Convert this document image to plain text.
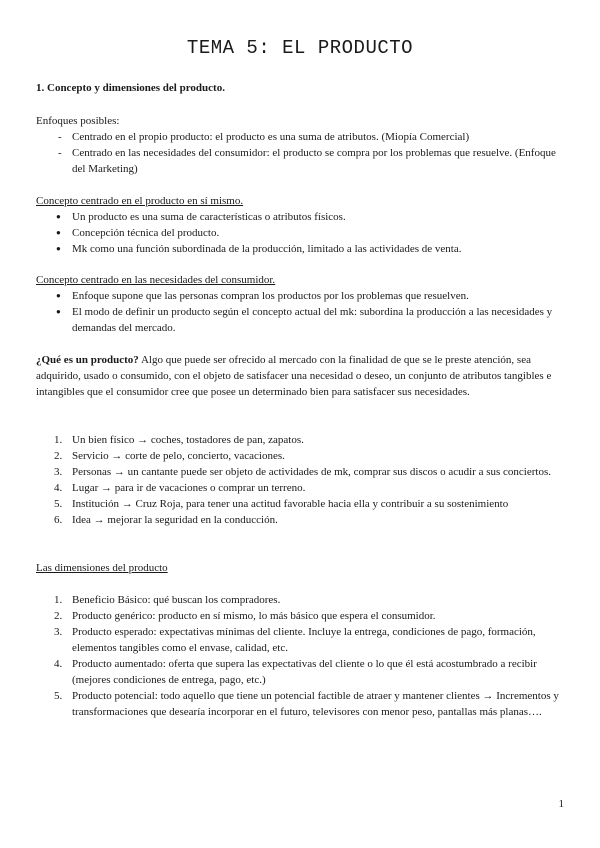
TEMA 5: EL PRODUCTO
1. Concepto y dimensiones del producto.
Enfoques posibles:
- Centrado en el propio producto: el producto es una suma de atributos. (Miopía Comercial)
- Centrado en las necesidades del consumidor: el producto se compra por los problemas que resuelve. (Enfoque del Marketing)
Concepto centrado en el producto en sí mismo.
● Un producto es una suma de características o atributos físicos.
● Concepción técnica del producto.
● Mk como una función subordinada de la producción, limitado a las actividades de venta.
Concepto centrado en las necesidades del consumidor.
● Enfoque supone que las personas compran los productos por los problemas que resuelven.
● El modo de definir un producto según el concepto actual del mk: subordina la producción a las necesidades y demandas del mercado.
¿Qué es un producto? Algo que puede ser ofrecido al mercado con la finalidad de que se le preste atención, sea adquirido, usado o consumido, con el objeto de satisfacer una necesidad o deseo, un conjunto de atributos tangibles e intangibles que el consumidor cree que posee un determinado bien para satisfacer sus necesidades.
1. Un bien físico → coches, tostadores de pan, zapatos.
2. Servicio → corte de pelo, concierto, vacaciones.
3. Personas → un cantante puede ser objeto de actividades de mk, comprar sus discos o acudir a sus conciertos.
4. Lugar → para ir de vacaciones o comprar un terreno.
5. Institución → Cruz Roja, para tener una actitud favorable hacia ella y contribuir a su sostenimiento
6. Idea → mejorar la seguridad en la conducción.
Las dimensiones del producto
1. Beneficio Básico: qué buscan los compradores.
2. Producto genérico: producto en sí mismo, lo más básico que espera el consumidor.
3. Producto esperado: expectativas mínimas del cliente. Incluye la entrega, condiciones de pago, formación, elementos tangibles como el envase, calidad, etc.
4. Producto aumentado: oferta que supera las expectativas del cliente o lo que él está acostumbrado a recibir (mejores condiciones de entrega, pago, etc.)
5. Producto potencial: todo aquello que tiene un potencial factible de atraer y mantener clientes → Incrementos y transformaciones que desearía incorporar en el futuro, televisores con menor peso, pantallas más planas….
1
